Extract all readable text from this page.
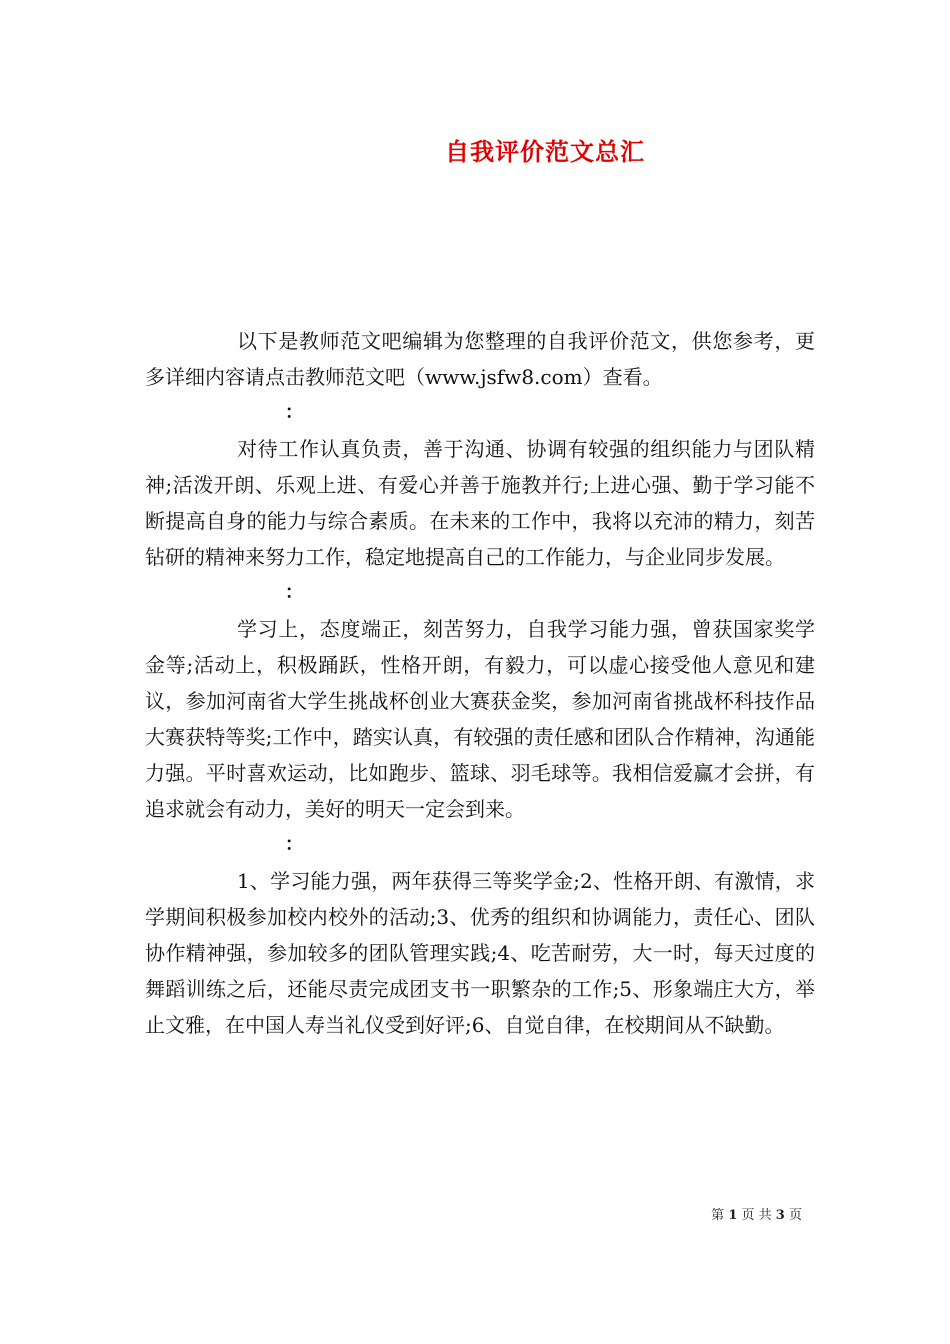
自我评价范文总汇

以下是教师范文吧编辑为您整理的自我评价范文，供您参考，更多详细内容请点击教师范文吧（www.jsfw8.com）查看。

：

对待工作认真负责，善于沟通、协调有较强的组织能力与团队精神;活泼开朗、乐观上进、有爱心并善于施教并行;上进心强、勤于学习能不断提高自身的能力与综合素质。在未来的工作中，我将以充沛的精力，刻苦钻研的精神来努力工作，稳定地提高自己的工作能力，与企业同步发展。

：

学习上，态度端正，刻苦努力，自我学习能力强，曾获国家奖学金等;活动上，积极踊跃，性格开朗，有毅力，可以虚心接受他人意见和建议，参加河南省大学生挑战杯创业大赛获金奖，参加河南省挑战杯科技作品大赛获特等奖;工作中，踏实认真，有较强的责任感和团队合作精神，沟通能力强。平时喜欢运动，比如跑步、篮球、羽毛球等。我相信爱赢才会拼，有追求就会有动力，美好的明天一定会到来。

：

1、学习能力强，两年获得三等奖学金;2、性格开朗、有激情，求学期间积极参加校内校外的活动;3、优秀的组织和协调能力，责任心、团队协作精神强，参加较多的团队管理实践;4、吃苦耐劳，大一时，每天过度的舞蹈训练之后，还能尽责完成团支书一职繁杂的工作;5、形象端庄大方，举止文雅，在中国人寿当礼仪受到好评;6、自觉自律，在校期间从不缺勤。

第 1 页 共 3 页
